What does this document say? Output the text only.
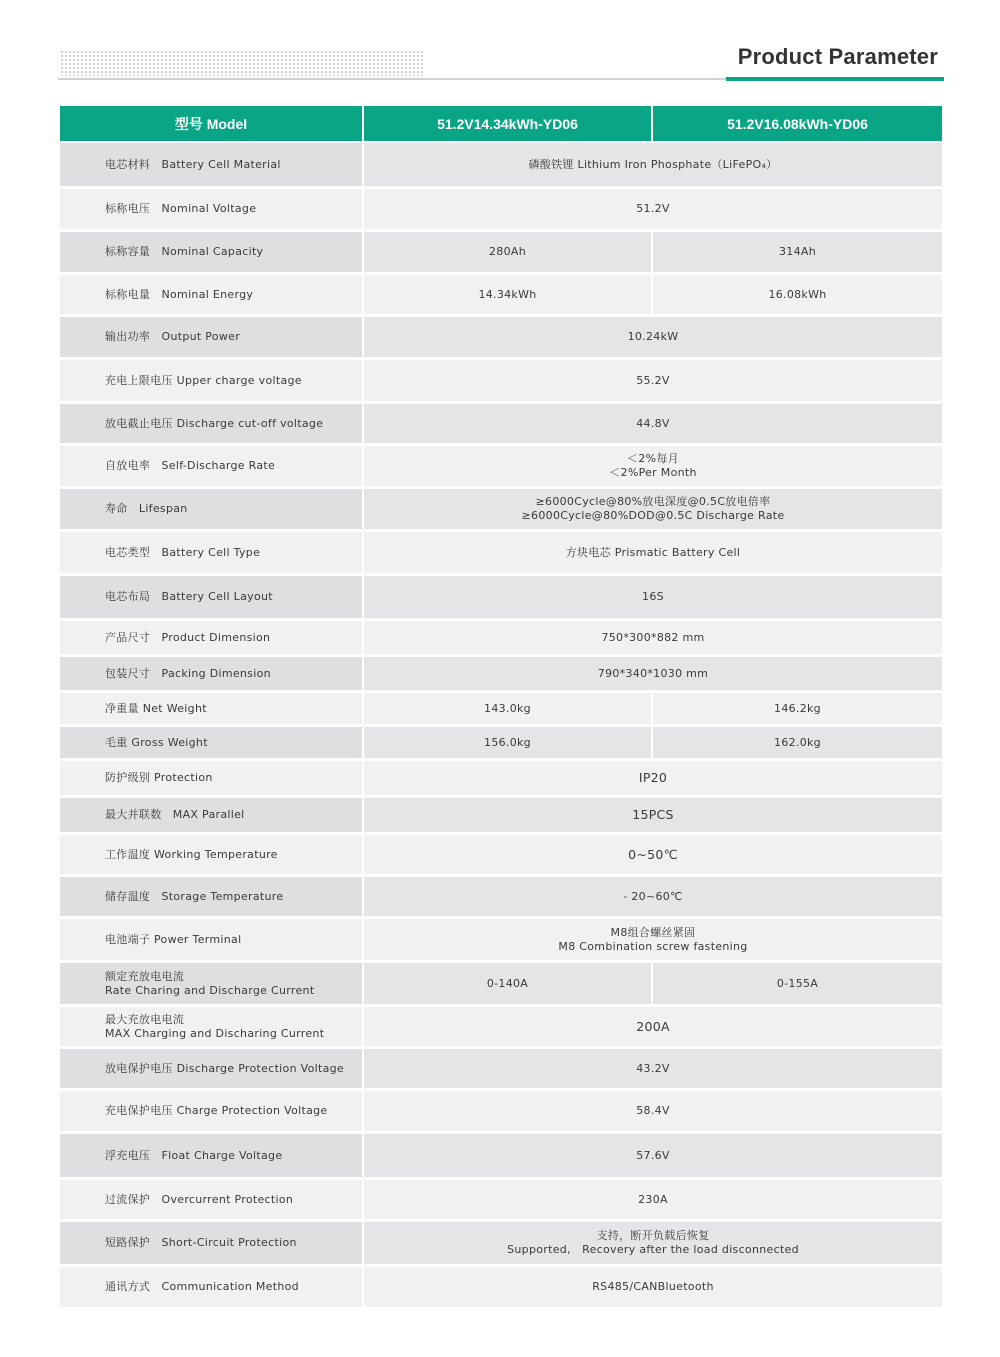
Product Parameter
型号 Model	51.2V14.34kWh-YD06	51.2V16.08kWh-YD06

电芯材料　Battery Cell Material	磷酸铁锂 Lithium Iron Phosphate（LiFePO₄）	

标称电压　Nominal Voltage	51.2V	

标称容量　Nominal Capacity	280Ah	314Ah

标称电量　Nominal Energy	14.34kWh	16.08kWh

输出功率　Output Power	10.24kW	

充电上限电压 Upper charge voltage	55.2V	

放电截止电压 Discharge cut-off voltage	44.8V	

自放电率　Self-Discharge Rate	＜2%每月
＜2%Per Month	

寿命　Lifespan	≥6000Cycle@80%放电深度@0.5C放电倍率
≥6000Cycle@80%DOD@0.5C Discharge Rate	

电芯类型　Battery Cell Type	方块电芯 Prismatic Battery Cell	

电芯布局　Battery Cell Layout	16S	

产品尺寸　Product Dimension	750*300*882 mm	

包装尺寸　Packing Dimension	790*340*1030 mm	

净重量 Net Weight	143.0kg	146.2kg

毛重 Gross Weight	156.0kg	162.0kg

防护级别 Protection	IP20	

最大并联数　MAX Parallel	15PCS	

工作温度 Working Temperature	0~50℃	

储存温度　Storage Temperature	- 20~60℃	

电池端子 Power Terminal	M8组合螺丝紧固
M8 Combination screw fastening	

额定充放电电流
Rate Charing and Discharge Current	0-140A	0-155A

最大充放电电流
MAX Charging and Discharing Current	200A	

放电保护电压 Discharge Protection Voltage	43.2V	

充电保护电压 Charge Protection Voltage	58.4V	

浮充电压　Float Charge Voltage	57.6V	

过流保护　Overcurrent Protection	230A	

短路保护　Short-Circuit Protection	支持，断开负载后恢复
Supported,　Recovery after the load disconnected	

通讯方式　Communication Method	RS485/CANBluetooth	
